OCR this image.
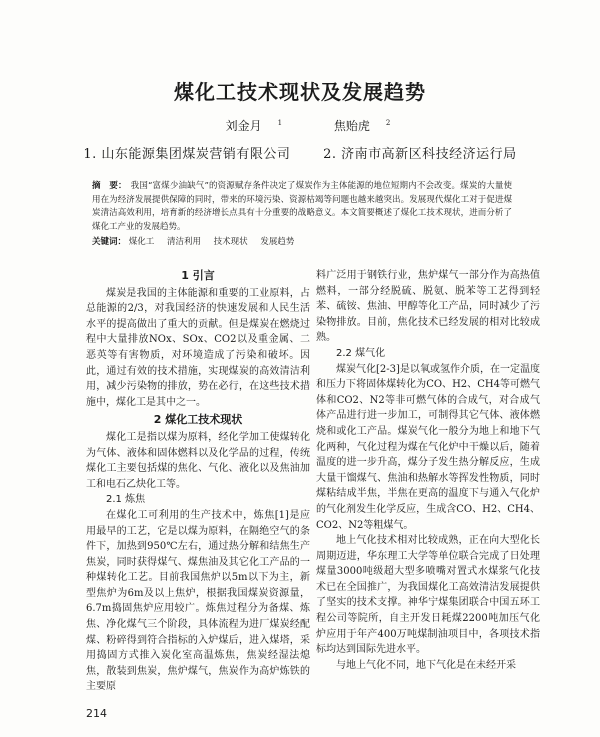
煤化工技术现状及发展趋势
刘金月 $^1$	焦贻虎 $^2$
1. 山东能源集团煤炭营销有限公司	2. 济南市高新区科技经济运行局
摘　要： 我国“富煤少油缺气”的资源赋存条件决定了煤炭作为主体能源的地位短期内不会改变。煤炭的大量使用在为经济发展提供保障的同时，带来的环境污染、资源枯竭等问题也越来越突出。发展现代煤化工对于促进煤炭清洁高效利用，培育新的经济增长点具有十分重要的战略意义。本文简要概述了煤化工技术现状，进而分析了煤化工产业的发展趋势。
关键词： 煤化工 清洁利用 技术现状 发展趋势
1 引言

煤炭是我国的主体能源和重要的工业原料，占总能源的2/3，对我国经济的快速发展和人民生活水平的提高做出了重大的贡献。但是煤炭在燃烧过程中大量排放NOx、SOx、CO2以及重金属、二恶英等有害物质，对环境造成了污染和破坏。因此，通过有效的技术措施，实现煤炭的高效清洁利用，减少污染物的排放，势在必行，在这些技术措施中，煤化工是其中之一。

2 煤化工技术现状

煤化工是指以煤为原料，经化学加工使煤转化为气体、液体和固体燃料以及化学品的过程，传统煤化工主要包括煤的焦化、气化、液化以及焦油加工和电石乙炔化工等。

2.1 炼焦

在煤化工可利用的生产技术中，炼焦[1]是应用最早的工艺，它是以煤为原料，在隔绝空气的条件下，加热到950℃左右，通过热分解和结焦生产焦炭，同时获得煤气、煤焦油及其它化工产品的一种煤转化工艺。目前我国焦炉以5m以下为主，新型焦炉为6m及以上焦炉，根据我国煤炭资源量，6.7m捣固焦炉应用较广。炼焦过程分为备煤、炼焦、净化煤气三个阶段，具体流程为进厂煤炭经配煤、粉碎得到符合指标的入炉煤后，进入煤塔，采用捣固方式推入炭化室高温炼焦，焦炭经湿法熄焦，散装到焦炭，焦炉煤气，焦炭作为高炉炼铁的主要原

料广泛用于钢铁行业，焦炉煤气一部分作为高热值燃料，一部分经脱硫、脱氨、脱苯等工艺得到轻苯、硫铵、焦油、甲醇等化工产品，同时减少了污染物排放。目前，焦化技术已经发展的相对比较成熟。

2.2 煤气化

煤炭气化[2-3]是以氧或氢作介质，在一定温度和压力下将固体煤转化为CO、H2、CH4等可燃气体和CO2、N2等非可燃气体的合成气，对合成气体产品进行进一步加工，可制得其它气体、液体燃烧和或化工产品。煤炭气化一般分为地上和地下气化两种，气化过程为煤在气化炉中干燥以后，随着温度的进一步升高，煤分子发生热分解反应，生成大量干馏煤气、焦油和热解水等挥发性物质，同时煤粘结成半焦，半焦在更高的温度下与通入气化炉的气化剂发生化学反应，生成含CO、H2、CH4、CO2、N2等粗煤气。

地上气化技术相对比较成熟，正在向大型化长周期迈进，华东理工大学等单位联合完成了日处理煤量3000吨级超大型多喷嘴对置式水煤浆气化技术已在全国推广，为我国煤化工高效清洁发展提供了坚实的技术支撑。神华宁煤集团联合中国五环工程公司等院所，自主开发日耗煤2200吨加压气化炉应用于年产400万吨煤制油项目中，各项技术指标均达到国际先进水平。

与地上气化不同，地下气化是在未经开采

214
